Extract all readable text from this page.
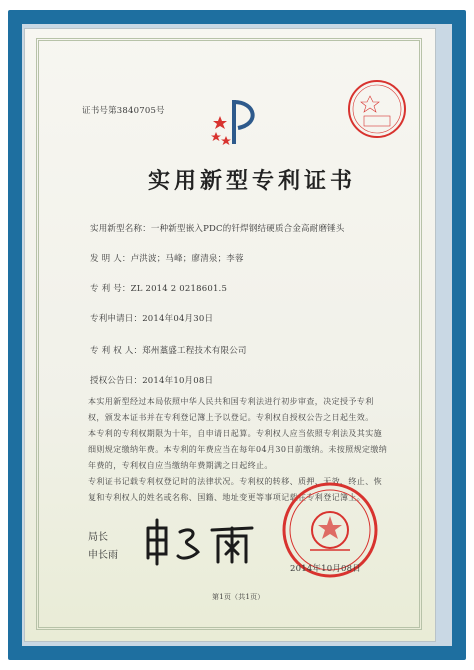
证书号第3840705号
实用新型专利证书
实用新型名称：一种新型嵌入PDC的钎焊钢结硬质合金高耐磨锤头
发 明 人：卢洪波；马峰；廖清泉；李蓉
专 利 号：ZL 2014 2 0218601.5
专利申请日：2014年04月30日
专 利 权 人：郑州藁盛工程技术有限公司
授权公告日：2014年10月08日
本实用新型经过本局依照中华人民共和国专利法进行初步审查，决定授予专利权，颁发本证书并在专利登记簿上予以登记。专利权自授权公告之日起生效。
本专利的专利权期限为十年，自申请日起算。专利权人应当依照专利法及其实施细则规定缴纳年费。本专利的年费应当在每年04月30日前缴纳。未按照规定缴纳年费的，专利权自应当缴纳年费期满之日起终止。
专利证书记载专利权登记时的法律状况。专利权的转移、质押、无效、终止、恢复和专利权人的姓名或名称、国籍、地址变更等事项记载在专利登记簿上。
局长
申长雨
2014年10月08日
第1页（共1页）
